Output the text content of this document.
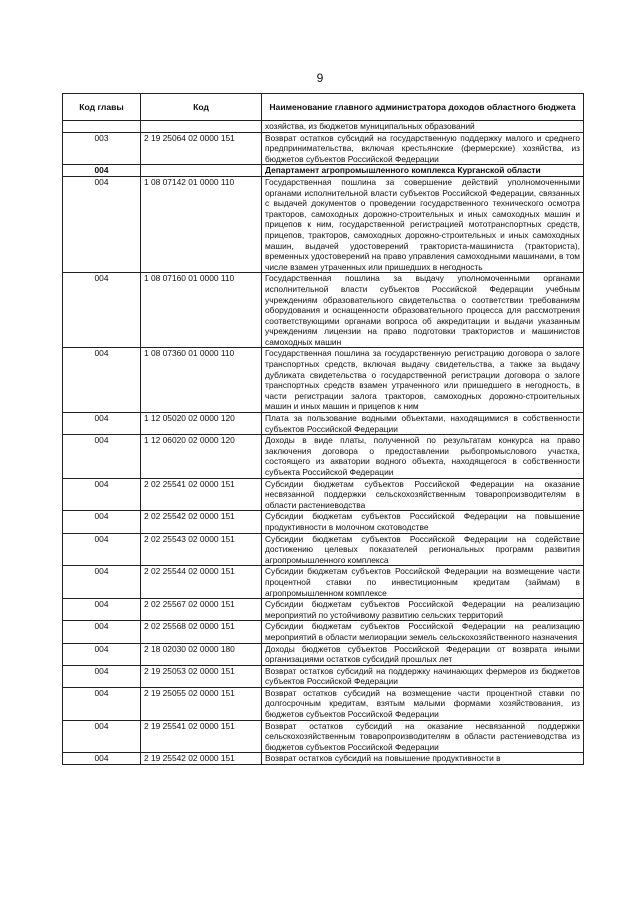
9
Код главы	Код	Наименование главного администратора доходов областного бюджета
		хозяйства, из бюджетов муниципальных образований
003	2 19 25064 02 0000 151	Возврат остатков субсидий на государственную поддержку малого и среднего предпринимательства, включая крестьянские (фермерские) хозяйства, из бюджетов субъектов Российской Федерации
004		Департамент агропромышленного комплекса Курганской области
004	1 08 07142 01 0000 110	Государственная пошлина за совершение действий уполномоченными органами исполнительной власти субъектов Российской Федерации, связанных с выдачей документов о проведении государственного технического осмотра тракторов, самоходных дорожно-строительных и иных самоходных машин и прицепов к ним, государственной регистрацией мототранспортных средств, прицепов, тракторов, самоходных дорожно-строительных и иных самоходных машин, выдачей удостоверений тракториста-машиниста (тракториста), временных удостоверений на право управления самоходными машинами, в том числе взамен утраченных или пришедших в негодность
004	1 08 07160 01 0000 110	Государственная пошлина за выдачу уполномоченными органами исполнительной власти субъектов Российской Федерации учебным учреждениям образовательного свидетельства о соответствии требованиям оборудования и оснащенности образовательного процесса для рассмотрения соответствующими органами вопроса об аккредитации и выдачи указанным учреждениям лицензии на право подготовки трактористов и машинистов самоходных машин
004	1 08 07360 01 0000 110	Государственная пошлина за государственную регистрацию договора о залоге транспортных средств, включая выдачу свидетельства, а также за выдачу дубликата свидетельства о государственной регистрации договора о залоге транспортных средств взамен утраченного или пришедшего в негодность, в части регистрации залога тракторов, самоходных дорожно-строительных машин и иных машин и прицепов к ним
004	1 12 05020 02 0000 120	Плата за пользование водными объектами, находящимися в собственности субъектов Российской Федерации
004	1 12 06020 02 0000 120	Доходы в виде платы, полученной по результатам конкурса на право заключения договора о предоставлении рыбопромыслового участка, состоящего из акватории водного объекта, находящегося в собственности субъекта Российской Федерации
004	2 02 25541 02 0000 151	Субсидии бюджетам субъектов Российской Федерации на оказание несвязанной поддержки сельскохозяйственным товаропроизводителям в области растениеводства
004	2 02 25542 02 0000 151	Субсидии бюджетам субъектов Российской Федерации на повышение продуктивности в молочном скотоводстве
004	2 02 25543 02 0000 151	Субсидии бюджетам субъектов Российской Федерации на содействие достижению целевых показателей региональных программ развития агропромышленного комплекса
004	2 02 25544 02 0000 151	Субсидии бюджетам субъектов Российской Федерации на возмещение части процентной ставки по инвестиционным кредитам (займам) в агропромышленном комплексе
004	2 02 25567 02 0000 151	Субсидии бюджетам субъектов Российской Федерации на реализацию мероприятий по устойчивому развитию сельских территорий
004	2 02 25568 02 0000 151	Субсидии бюджетам субъектов Российской Федерации на реализацию мероприятий в области мелиорации земель сельскохозяйственного назначения
004	2 18 02030 02 0000 180	Доходы бюджетов субъектов Российской Федерации от возврата иными организациями остатков субсидий прошлых лет
004	2 19 25053 02 0000 151	Возврат остатков субсидий на поддержку начинающих фермеров из бюджетов субъектов Российской Федерации
004	2 19 25055 02 0000 151	Возврат остатков субсидий на возмещение части процентной ставки по долгосрочным кредитам, взятым малыми формами хозяйствования, из бюджетов субъектов Российской Федерации
004	2 19 25541 02 0000 151	Возврат остатков субсидий на оказание несвязанной поддержки сельскохозяйственным товаропроизводителям в области растениеводства из бюджетов субъектов Российской Федерации
004	2 19 25542 02 0000 151	Возврат остатков субсидий на повышение продуктивности в
